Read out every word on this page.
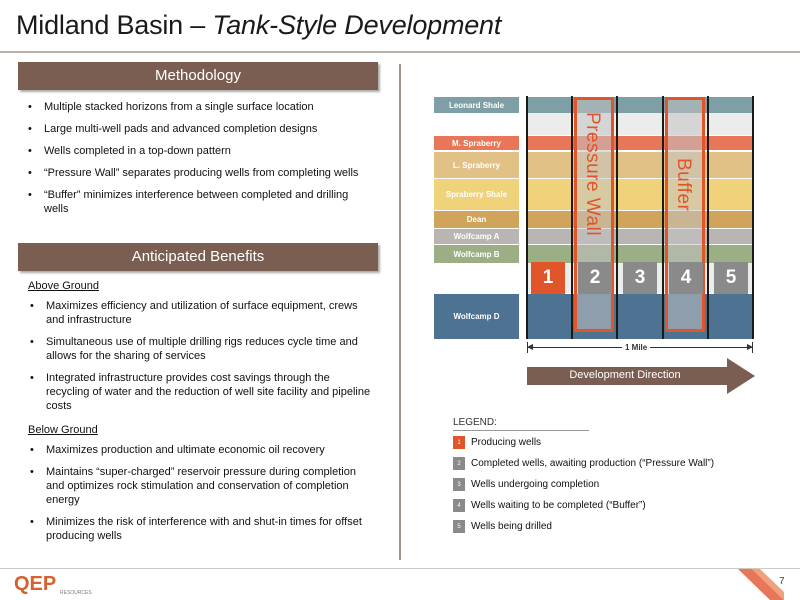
Midland Basin – Tank-Style Development
Methodology
• Multiple stacked horizons from a single surface location
• Large multi-well pads and advanced completion designs
• Wells completed in a top-down pattern
• “Pressure Wall” separates producing wells from completing wells
• “Buffer” minimizes interference between completed and drilling wells
Anticipated Benefits
Above Ground
• Maximizes efficiency and utilization of surface equipment, crews and infrastructure
• Simultaneous use of multiple drilling rigs reduces cycle time and allows for the sharing of services
• Integrated infrastructure provides cost savings through the recycling of water and the reduction of well site facility and pipeline costs
Below Ground
• Maximizes production and ultimate economic oil recovery
• Maintains “super-charged” reservoir pressure during completion and optimizes rock stimulation and conservation of completion energy
• Minimizes the risk of interference with and shut-in times for offset producing wells
Leonard Shale
M. Spraberry
L. Spraberry
Spraberry Shale
Dean
Wolfcamp A
Wolfcamp B
Wolfcamp D
Pressure Wall	Buffer
1	2	3	4	5
1 Mile
Development Direction
LEGEND:
1	Producing wells
2	Completed wells, awaiting production (“Pressure Wall”)
3	Wells undergoing completion
4	Wells waiting to be completed (“Buffer”)
5	Wells being drilled
QEP RESOURCES
7
